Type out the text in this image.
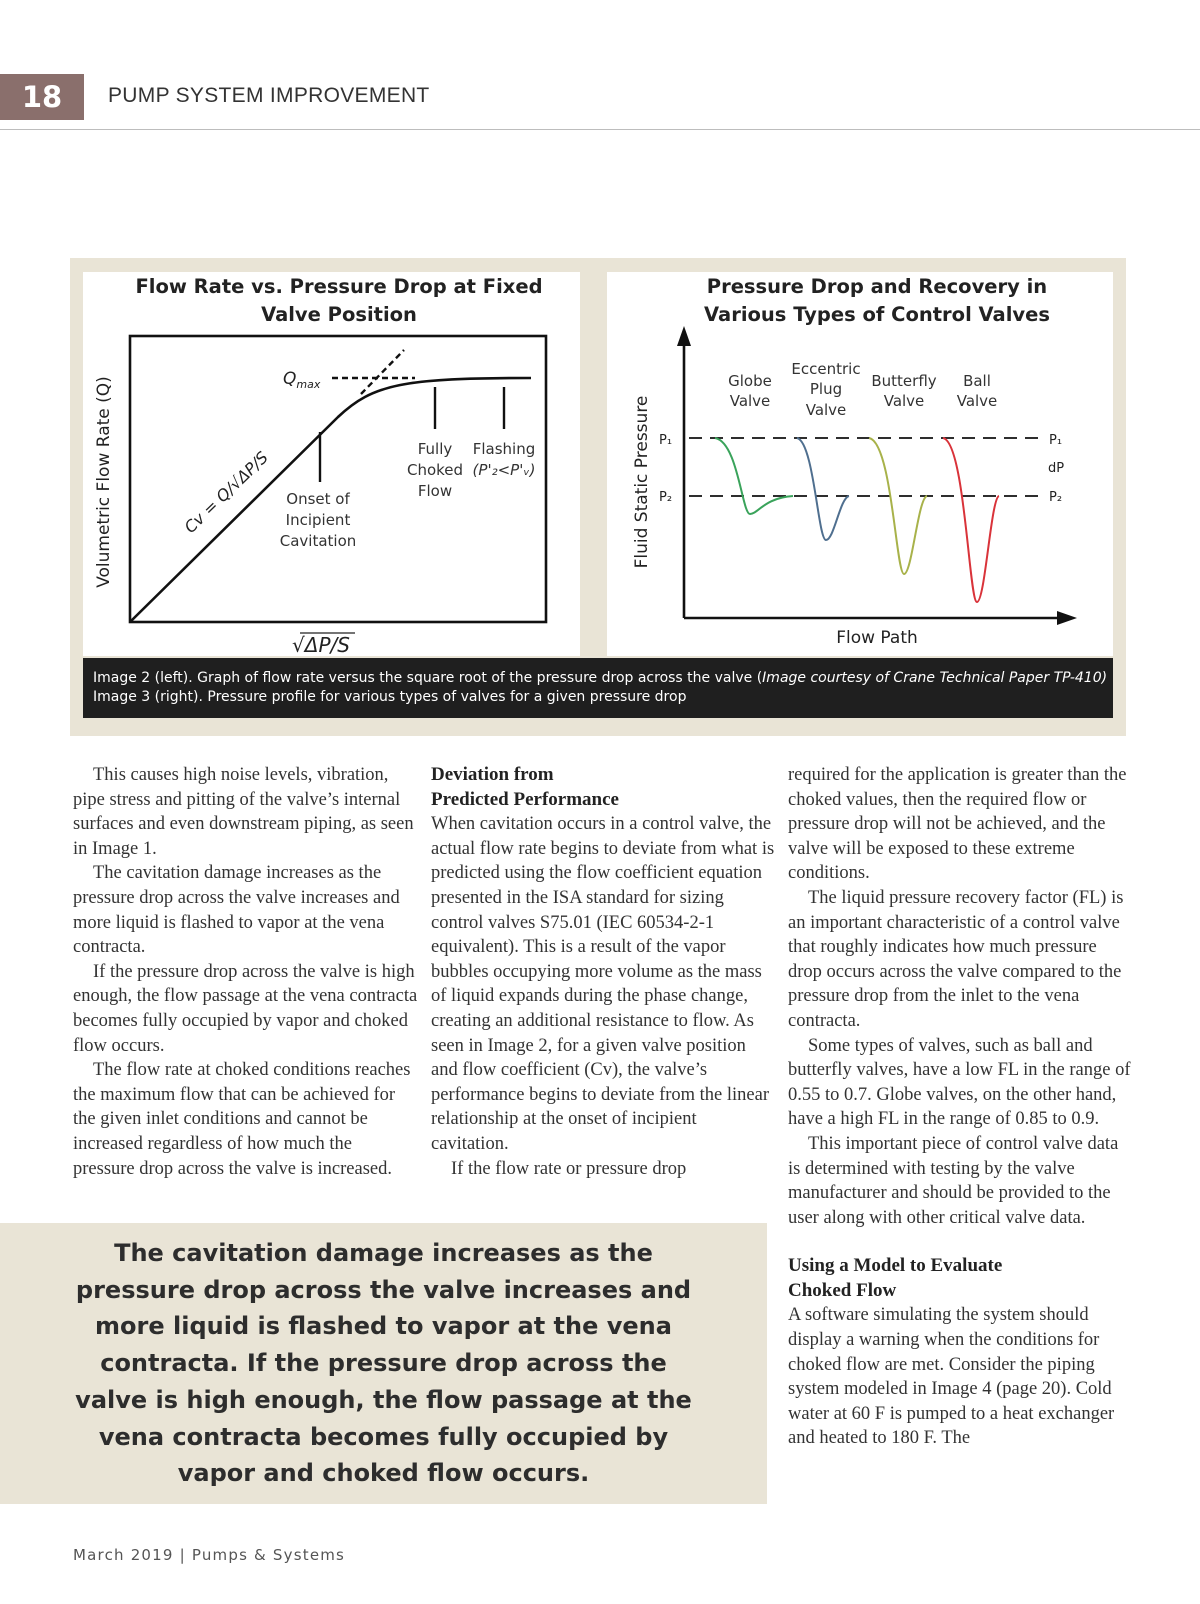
18	PUMP SYSTEM IMPROVEMENT
Flow Rate vs. Pressure Drop at Fixed
Valve Position
Volumetric Flow Rate (Q)
√ΔP/S
$Q_{max}$
Cv = Q/√ΔP/S Onset of
Incipient
Cavitation
Fully
Choked
Flow
Flashing
(P'₂<P'ᵥ)
Pressure Drop and Recovery in
Various Types of Control Valves
Fluid Static Pressure
Flow Path
P₁
P₂
P₁
dP
P₂
Globe
Valve
Eccentric
Plug
Valve
Butterfly
Valve
Ball
Valve
Image 2 (left). Graph of flow rate versus the square root of the pressure drop across the valve (Image courtesy of Crane Technical Paper TP-410)
Image 3 (right). Pressure profile for various types of valves for a given pressure drop

This causes high noise levels, vibration, pipe stress and pitting of the valve’s internal surfaces and even downstream piping, as seen in Image 1.

The cavitation damage increases as the pressure drop across the valve increases and more liquid is flashed to vapor at the vena contracta.

If the pressure drop across the valve is high enough, the flow passage at the vena contracta becomes fully occupied by vapor and choked flow occurs.

The flow rate at choked conditions reaches the maximum flow that can be achieved for the given inlet conditions and cannot be increased regardless of how much the pressure drop across the valve is increased.

Deviation from
Predicted Performance

When cavitation occurs in a control valve, the actual flow rate begins to deviate from what is predicted using the flow coefficient equation presented in the ISA standard for sizing control valves S75.01 (IEC 60534-2-1 equivalent). This is a result of the vapor bubbles occupying more volume as the mass of liquid expands during the phase change, creating an additional resistance to flow. As seen in Image 2, for a given valve position and flow coefficient (Cv), the valve’s performance begins to deviate from the linear relationship at the onset of incipient cavitation.

If the flow rate or pressure drop

required for the application is greater than the choked values, then the required flow or pressure drop will not be achieved, and the valve will be exposed to these extreme conditions.

The liquid pressure recovery factor (FL) is an important characteristic of a control valve that roughly indicates how much pressure drop occurs across the valve compared to the pressure drop from the inlet to the vena contracta.

Some types of valves, such as ball and butterfly valves, have a low FL in the range of 0.55 to 0.7. Globe valves, on the other hand, have a high FL in the range of 0.85 to 0.9.

This important piece of control valve data is determined with testing by the valve manufacturer and should be provided to the user along with other critical valve data.

Using a Model to Evaluate
Choked Flow

A software simulating the system should display a warning when the conditions for choked flow are met. Consider the piping system modeled in Image 4 (page 20). Cold water at 60 F is pumped to a heat exchanger and heated to 180 F. The

The cavitation damage increases as the pressure drop across the valve increases and more liquid is flashed to vapor at the vena contracta. If the pressure drop across the valve is high enough, the flow passage at the vena contracta becomes fully occupied by vapor and choked flow occurs.
March 2019 | Pumps & Systems
